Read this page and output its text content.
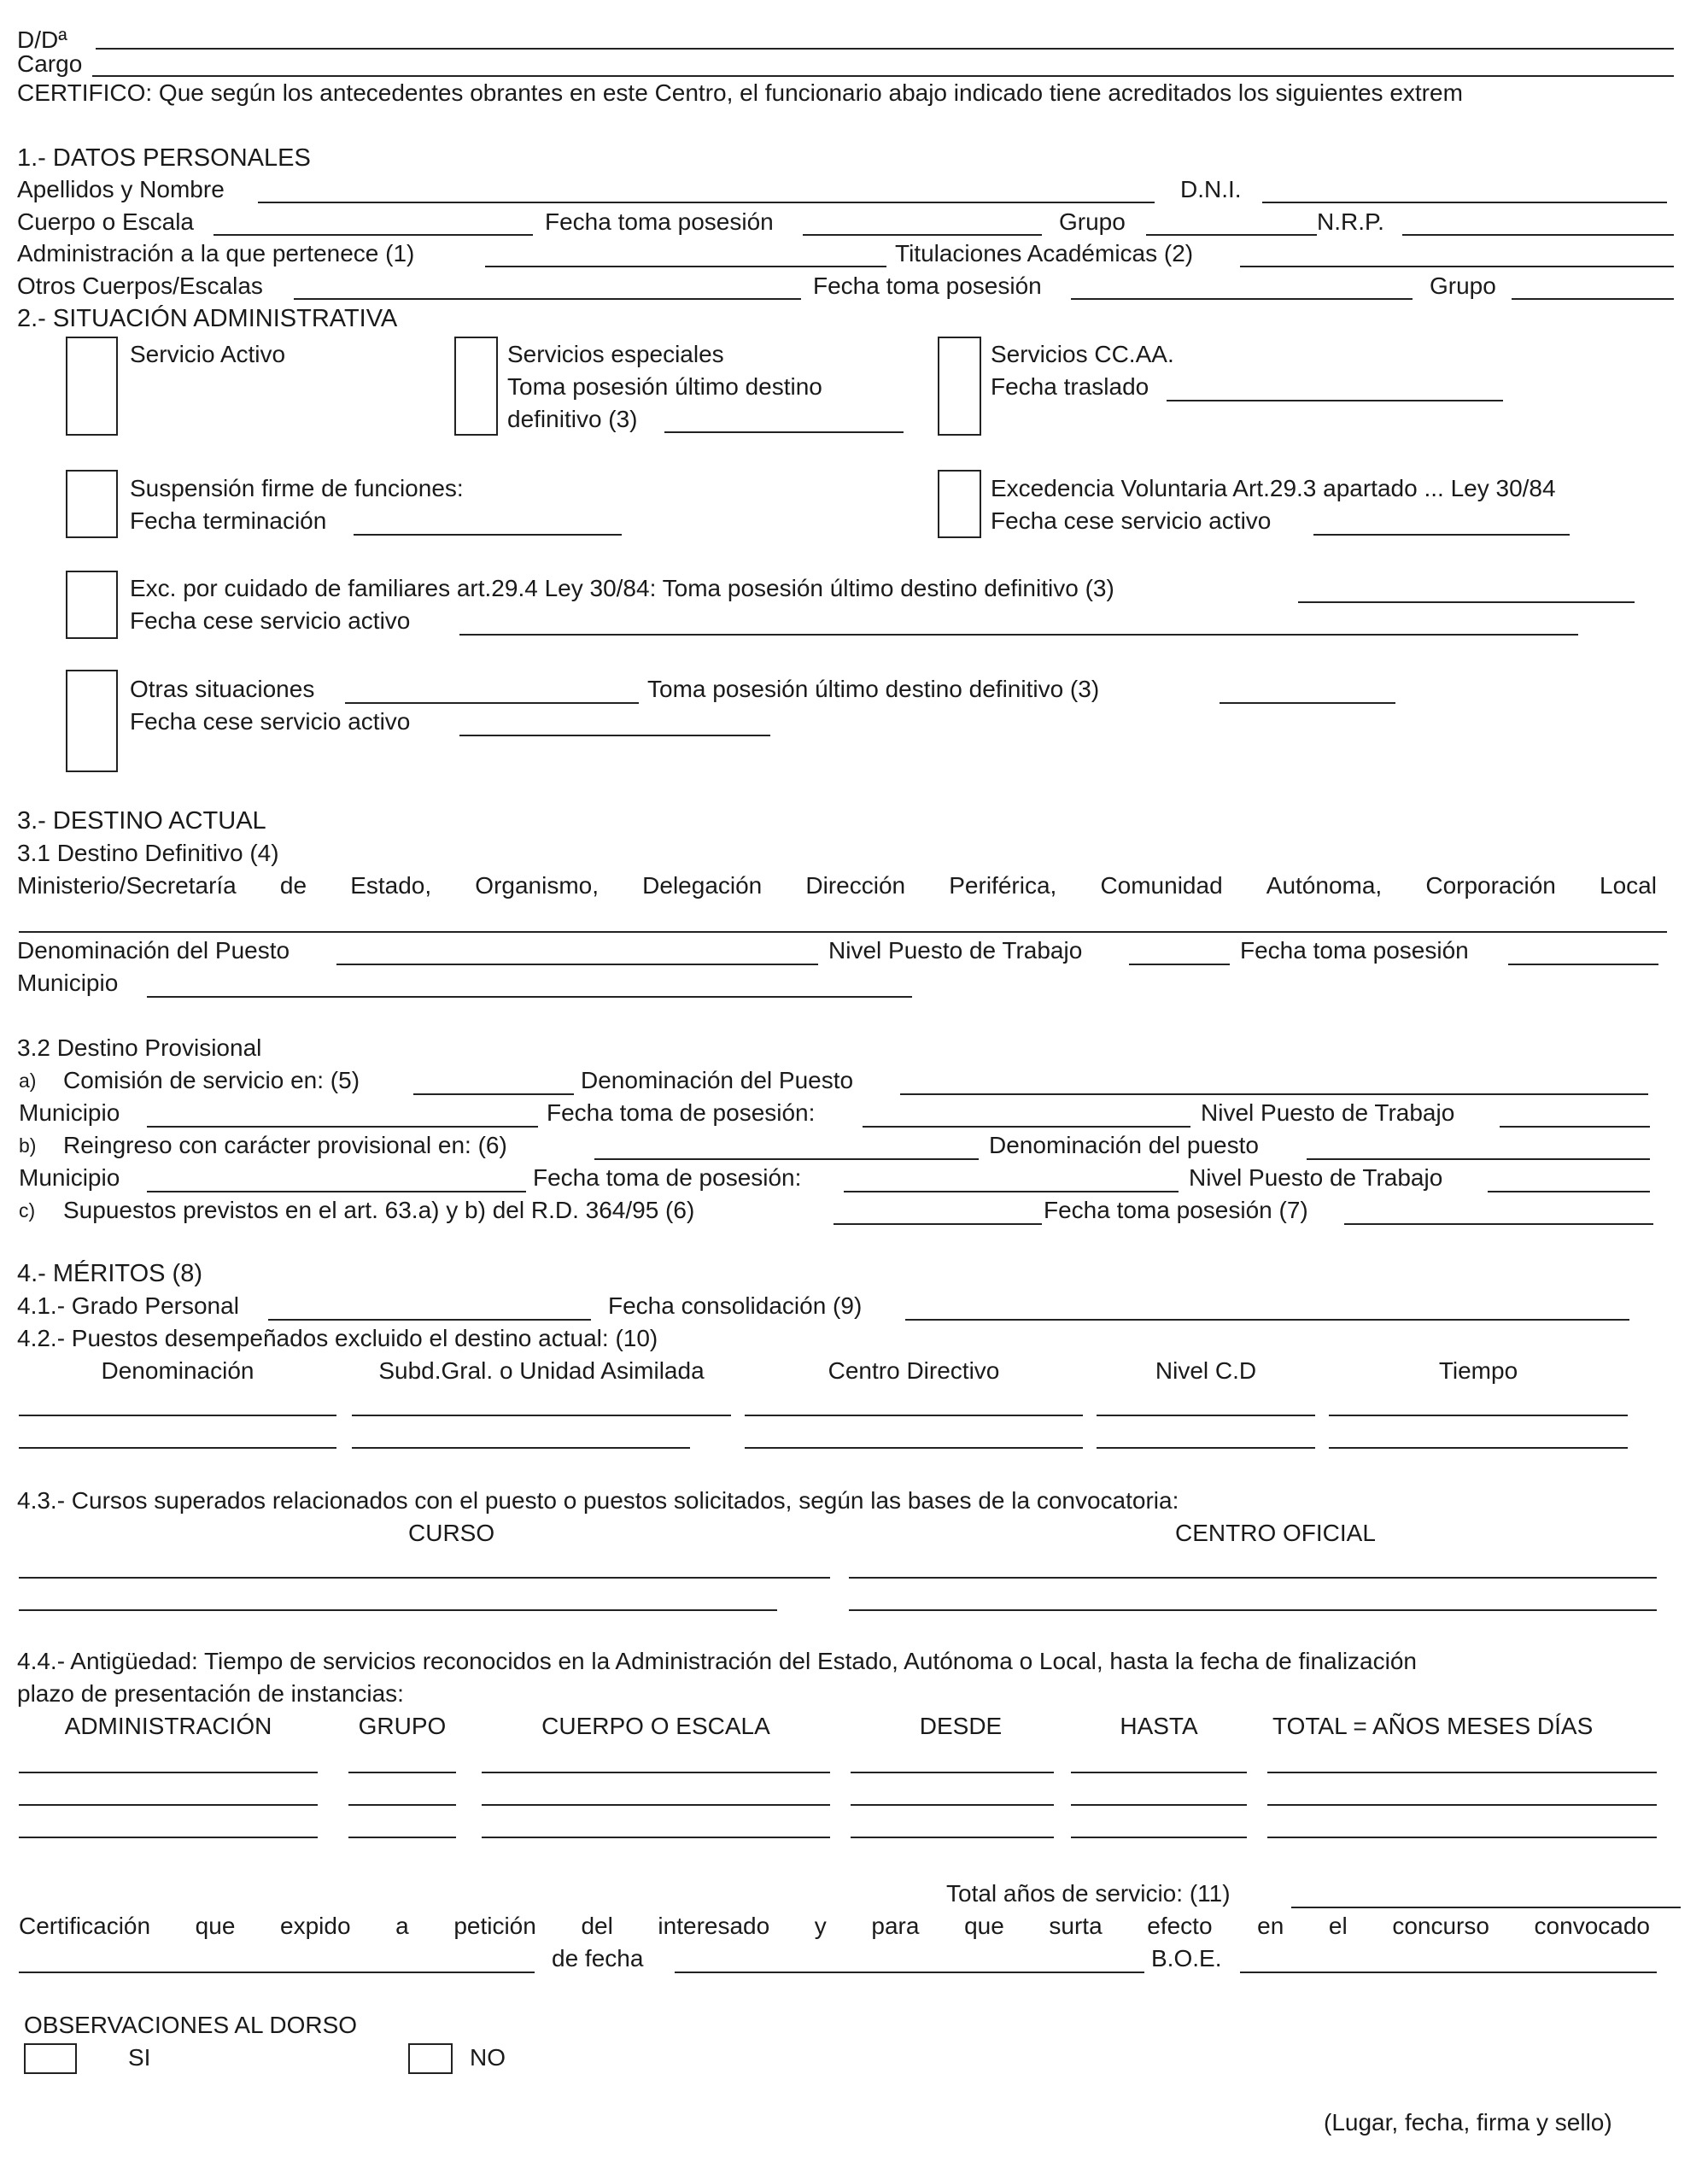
D/Dª
Cargo
CERTIFICO: Que según los antecedentes obrantes en este Centro, el funcionario abajo indicado tiene acreditados los siguientes extrem
1.- DATOS PERSONALES
Apellidos y Nombre	D.N.I.
Cuerpo o Escala	Fecha toma posesión	Grupo	N.R.P.
Administración a la que pertenece (1)	Titulaciones Académicas (2)
Otros Cuerpos/Escalas	Fecha toma posesión	Grupo
2.- SITUACIÓN ADMINISTRATIVA
Servicio Activo	Servicios especiales
Toma posesión último destino
definitivo (3)
Servicios CC.AA.
Fecha traslado
Suspensión firme de funciones:
Fecha terminación
Excedencia Voluntaria Art.29.3 apartado ... Ley 30/84
Fecha cese servicio activo
Exc. por cuidado de familiares art.29.4 Ley 30/84: Toma posesión último destino definitivo (3)
Fecha cese servicio activo
Otras situaciones	Toma posesión último destino definitivo (3)
Fecha cese servicio activo
3.- DESTINO ACTUAL
3.1 Destino Definitivo (4)
Ministerio/Secretaría de Estado, Organismo, Delegación Dirección Periférica, Comunidad Autónoma, Corporación Local
Denominación del Puesto	Nivel Puesto de Trabajo	Fecha toma posesión
Municipio
3.2 Destino Provisional
a) Comisión de servicio en: (5)	Denominación del Puesto
Municipio	Fecha toma de posesión:	Nivel Puesto de Trabajo
b) Reingreso con carácter provisional en: (6)	Denominación del puesto
Municipio	Fecha toma de posesión:	Nivel Puesto de Trabajo
c) Supuestos previstos en el art. 63.a) y b) del R.D. 364/95 (6)	Fecha toma posesión (7)
4.- MÉRITOS (8)
4.1.- Grado Personal	Fecha consolidación (9)
4.2.- Puestos desempeñados excluido el destino actual: (10)
Denominación	Subd.Gral. o Unidad Asimilada	Centro Directivo	Nivel C.D	Tiempo
4.3.- Cursos superados relacionados con el puesto o puestos solicitados, según las bases de la convocatoria:
CURSO	CENTRO OFICIAL
4.4.- Antigüedad: Tiempo de servicios reconocidos en la Administración del Estado, Autónoma o Local, hasta la fecha de finalización
plazo de presentación de instancias:
ADMINISTRACIÓN	GRUPO	CUERPO O ESCALA	DESDE	HASTA	TOTAL = AÑOS MESES DÍAS
Total años de servicio: (11)
Certificación que expido a petición del interesado y para que surta efecto en el concurso convocado
de fecha	B.O.E.
OBSERVACIONES AL DORSO
SI	NO
(Lugar, fecha, firma y sello)
